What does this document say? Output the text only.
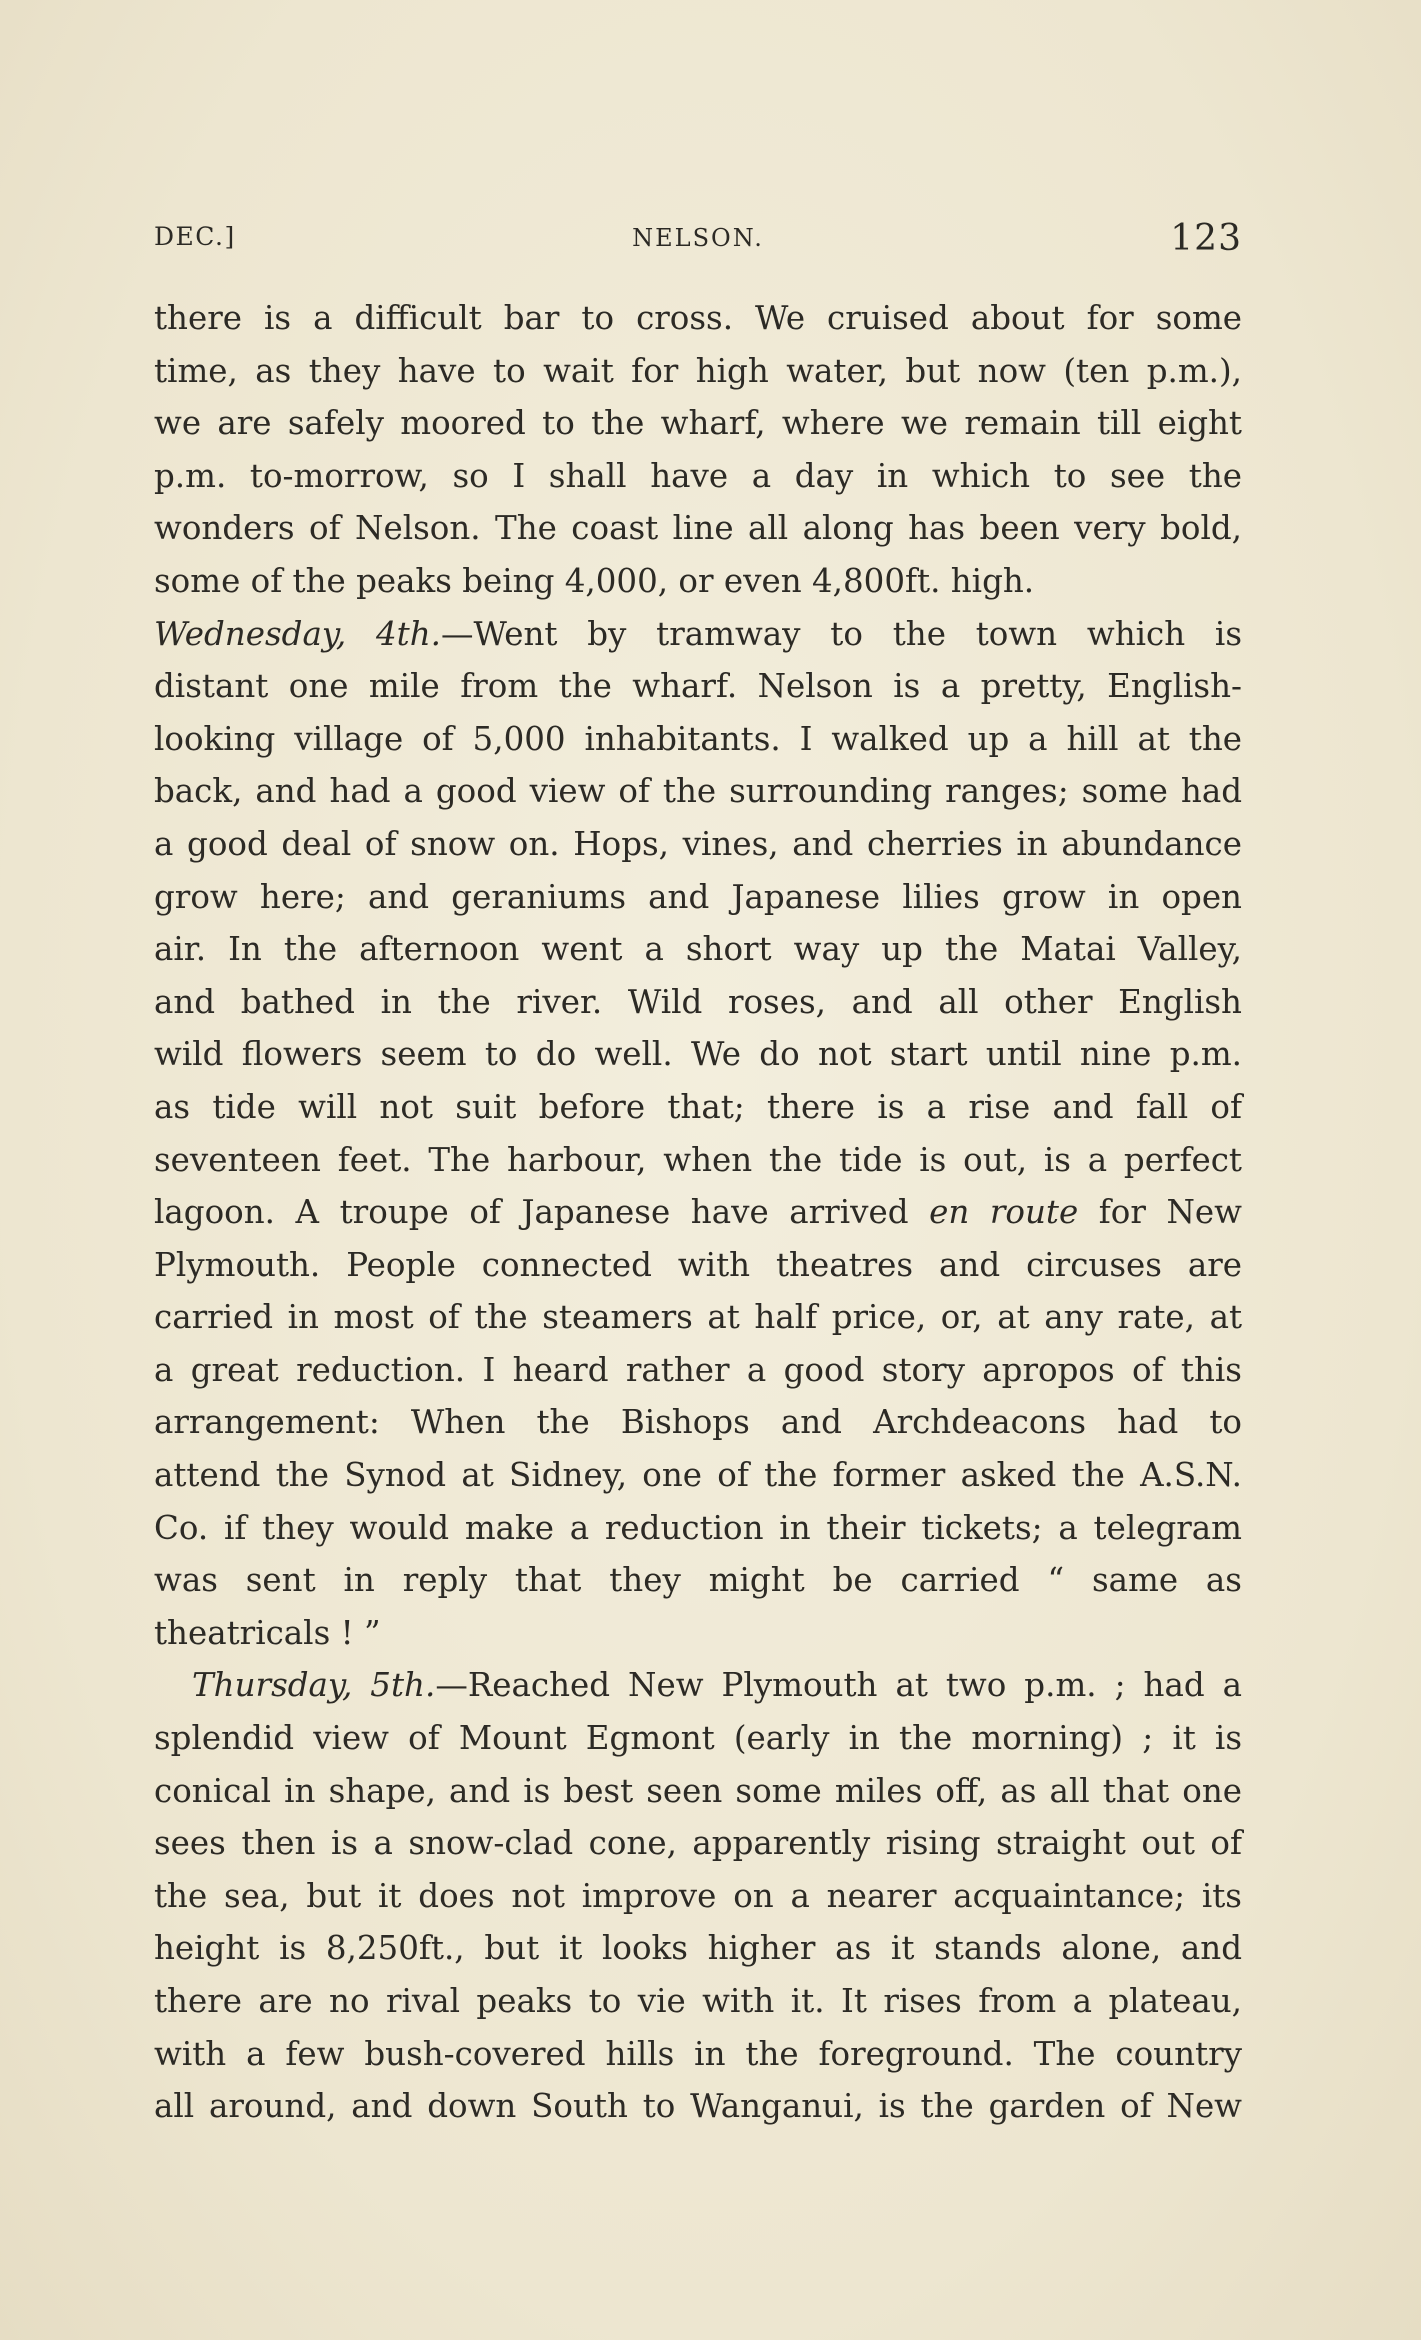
DEC.]	NELSON.	123
there is a difficult bar to cross. We cruised about for some
time, as they have to wait for high water, but now (ten p.m.),
we are safely moored to the wharf, where we remain till eight
p.m. to-morrow, so I shall have a day in which to see the
wonders of Nelson. The coast line all along has been very bold,
some of the peaks being 4,000, or even 4,800ft. high.
Wednesday, 4th.—Went by tramway to the town which is
distant one mile from the wharf. Nelson is a pretty, English-
looking village of 5,000 inhabitants. I walked up a hill at the
back, and had a good view of the surrounding ranges; some had
a good deal of snow on. Hops, vines, and cherries in abundance
grow here; and geraniums and Japanese lilies grow in open
air. In the afternoon went a short way up the Matai Valley,
and bathed in the river. Wild roses, and all other English
wild flowers seem to do well. We do not start until nine p.m.
as tide will not suit before that; there is a rise and fall of
seventeen feet. The harbour, when the tide is out, is a perfect
lagoon. A troupe of Japanese have arrived en route for New
Plymouth. People connected with theatres and circuses are
carried in most of the steamers at half price, or, at any rate, at
a great reduction. I heard rather a good story apropos of this
arrangement: When the Bishops and Archdeacons had to
attend the Synod at Sidney, one of the former asked the A.S.N.
Co. if they would make a reduction in their tickets; a telegram
was sent in reply that they might be carried “ same as
theatricals ! ”
Thursday, 5th.—Reached New Plymouth at two p.m. ; had a
splendid view of Mount Egmont (early in the morning) ; it is
conical in shape, and is best seen some miles off, as all that one
sees then is a snow-clad cone, apparently rising straight out of
the sea, but it does not improve on a nearer acquaintance; its
height is 8,250ft., but it looks higher as it stands alone, and
there are no rival peaks to vie with it. It rises from a plateau,
with a few bush-covered hills in the foreground. The country
all around, and down South to Wanganui, is the garden of New
